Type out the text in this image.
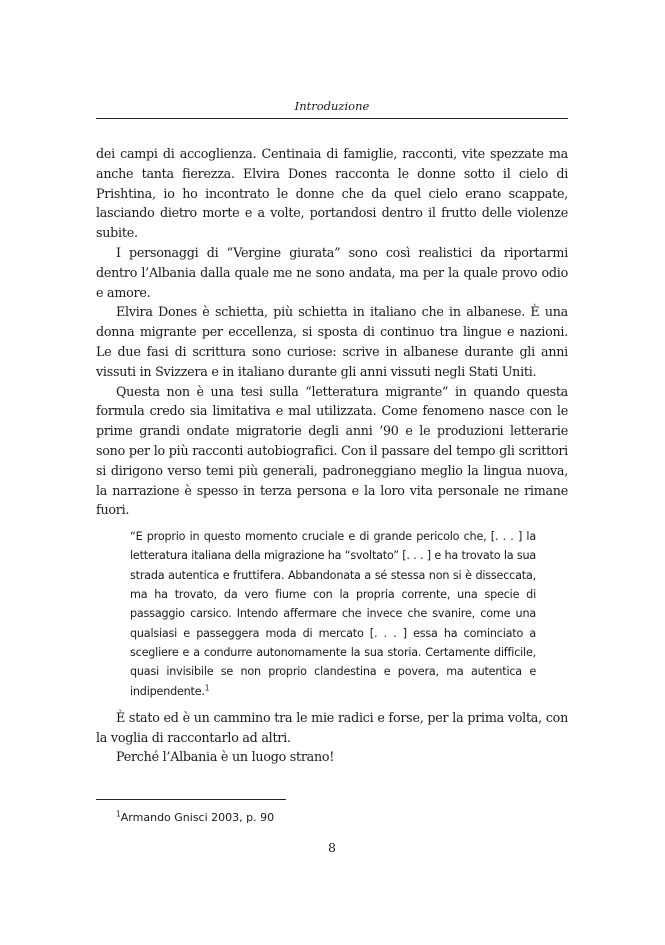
Introduzione

dei campi di accoglienza. Centinaia di famiglie, racconti, vite spezzate ma anche tanta fierezza. Elvira Dones racconta le donne sotto il cielo di Prishtina, io ho incontrato le donne che da quel cielo erano scappate, lasciando dietro morte e a volte, portandosi dentro il frutto delle violenze subite.

I personaggi di “Vergine giurata” sono così realistici da riportarmi dentro l’Albania dalla quale me ne sono andata, ma per la quale provo odio e amore.

Elvira Dones è schietta, più schietta in italiano che in albanese. È una donna migrante per eccellenza, si sposta di continuo tra lingue e nazioni. Le due fasi di scrittura sono curiose: scrive in albanese durante gli anni vissuti in Svizzera e in italiano durante gli anni vissuti negli Stati Uniti.

Questa non è una tesi sulla “letteratura migrante” in quando questa formula credo sia limitativa e mal utilizzata. Come fenomeno nasce con le prime grandi ondate migratorie degli anni ’90 e le produzioni letterarie sono per lo più racconti autobiografici. Con il passare del tempo gli scrittori si dirigono verso temi più generali, padroneggiano meglio la lingua nuova, la narrazione è spesso in terza persona e la loro vita personale ne rimane fuori.

“E proprio in questo momento cruciale e di grande pericolo che, [. . . ] la letteratura italiana della migrazione ha “svoltato” [. . . ] e ha trovato la sua strada autentica e fruttifera. Abbandonata a sé stessa non si è disseccata, ma ha trovato, da vero fiume con la propria corrente, una specie di passaggio carsico. Intendo affermare che invece che svanire, come una qualsiasi e passeggera moda di mercato [. . . ] essa ha cominciato a scegliere e a condurre autonomamente la sua storia. Certamente difficile, quasi invisibile se non proprio clandestina e povera, ma autentica e indipendente.$^1$

È stato ed è un cammino tra le mie radici e forse, per la prima volta, con la voglia di raccontarlo ad altri.

Perché l’Albania è un luogo strano!

$^1$Armando Gnisci 2003, p. 90
8
